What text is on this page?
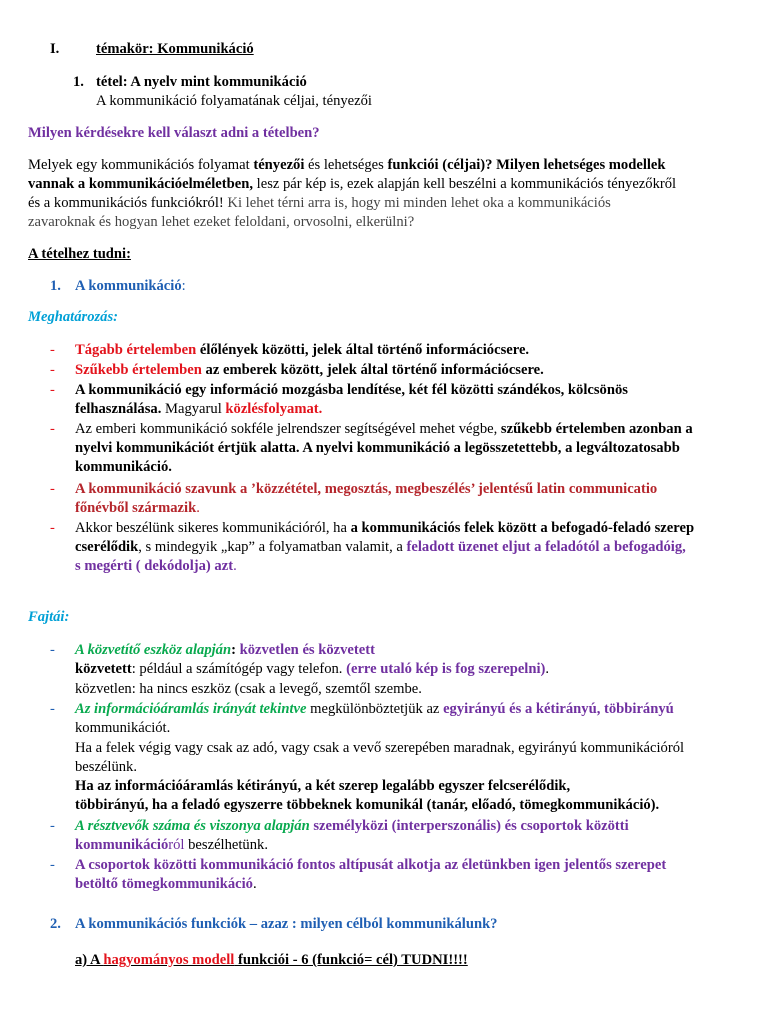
I.	témakör: Kommunikáció
1. tétel: A nyelv mint kommunikáció
A kommunikáció folyamatának céljai, tényezői
Milyen kérdésekre kell választ adni a tételben?
Melyek egy kommunikációs folyamat tényezői és lehetséges funkciói (céljai)? Milyen lehetséges modellek
vannak a kommunikációelméletben, lesz pár kép is, ezek alapján kell beszélni a kommunikációs tényezőkről
és a kommunikációs funkciókról! Ki lehet térni arra is, hogy mi minden lehet oka a kommunikációs
zavaroknak és hogyan lehet ezeket feloldani, orvosolni, elkerülni?
A tételhez tudni:
1. A kommunikáció:
Meghatározás:
- Tágabb értelemben élőlények közötti, jelek által történő információcsere.
- Szűkebb értelemben az emberek között, jelek által történő információcsere.
- A kommunikáció egy információ mozgásba lendítése, két fél közötti szándékos, kölcsönös
felhasználása. Magyarul közlésfolyamat.
- Az emberi kommunikáció sokféle jelrendszer segítségével mehet végbe, szűkebb értelemben azonban a
nyelvi kommunikációt értjük alatta. A nyelvi kommunikáció a legösszetettebb, a legváltozatosabb
kommunikáció.
- A kommunikáció szavunk a ’közzététel, megosztás, megbeszélés’ jelentésű latin communicatio
főnévből származik.
- Akkor beszélünk sikeres kommunikációról, ha a kommunikációs felek között a befogadó-feladó szerep
cserélődik, s mindegyik „kap” a folyamatban valamit, a feladott üzenet eljut a feladótól a befogadóig,
s megérti ( dekódolja) azt.
Fajtái:
- A közvetítő eszköz alapján: közvetlen és közvetett
közvetett: például a számítógép vagy telefon. (erre utaló kép is fog szerepelni).
közvetlen: ha nincs eszköz (csak a levegő, szemtől szembe.
- Az információáramlás irányát tekintve megkülönböztetjük az egyirányú és a kétirányú, többirányú
kommunikációt.
Ha a felek végig vagy csak az adó, vagy csak a vevő szerepében maradnak, egyirányú kommunikációról
beszélünk.
Ha az információáramlás kétirányú, a két szerep legalább egyszer felcserélődik,
többirányú, ha a feladó egyszerre többeknek komunikál (tanár, előadó, tömegkommunikáció).
- A résztvevők száma és viszonya alapján személyközi (interperszonális) és csoportok közötti
kommunikációról beszélhetünk.
- A csoportok közötti kommunikáció fontos altípusát alkotja az életünkben igen jelentős szerepet
betöltő tömegkommunikáció.
2. A kommunikációs funkciók – azaz : milyen célból kommunikálunk?
a) A hagyományos modell funkciói - 6 (funkció= cél) TUDNI!!!!
